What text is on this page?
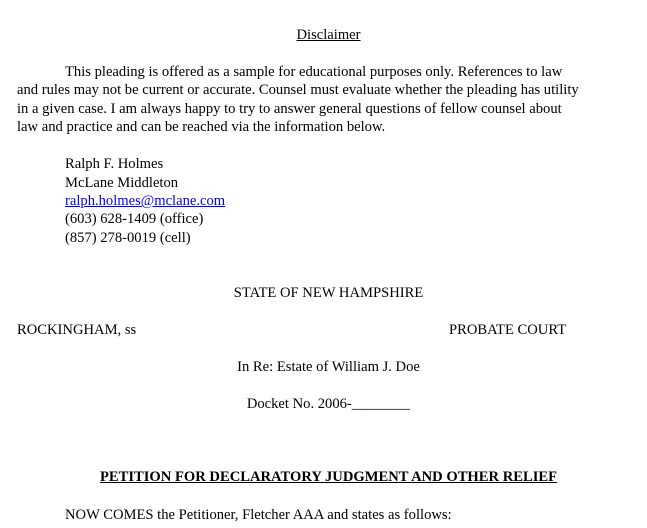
Disclaimer
This pleading is offered as a sample for educational purposes only. References to law
and rules may not be current or accurate. Counsel must evaluate whether the pleading has utility
in a given case. I am always happy to try to answer general questions of fellow counsel about
law and practice and can be reached via the information below.
Ralph F. Holmes
McLane Middleton
ralph.holmes@mclane.com
(603) 628-1409 (office)
(857) 278-0019 (cell)
STATE OF NEW HAMPSHIRE
ROCKINGHAM, ss	PROBATE COURT
In Re: Estate of William J. Doe
Docket No. 2006-________
PETITION FOR DECLARATORY JUDGMENT AND OTHER RELIEF
NOW COMES the Petitioner, Fletcher AAA and states as follows:
